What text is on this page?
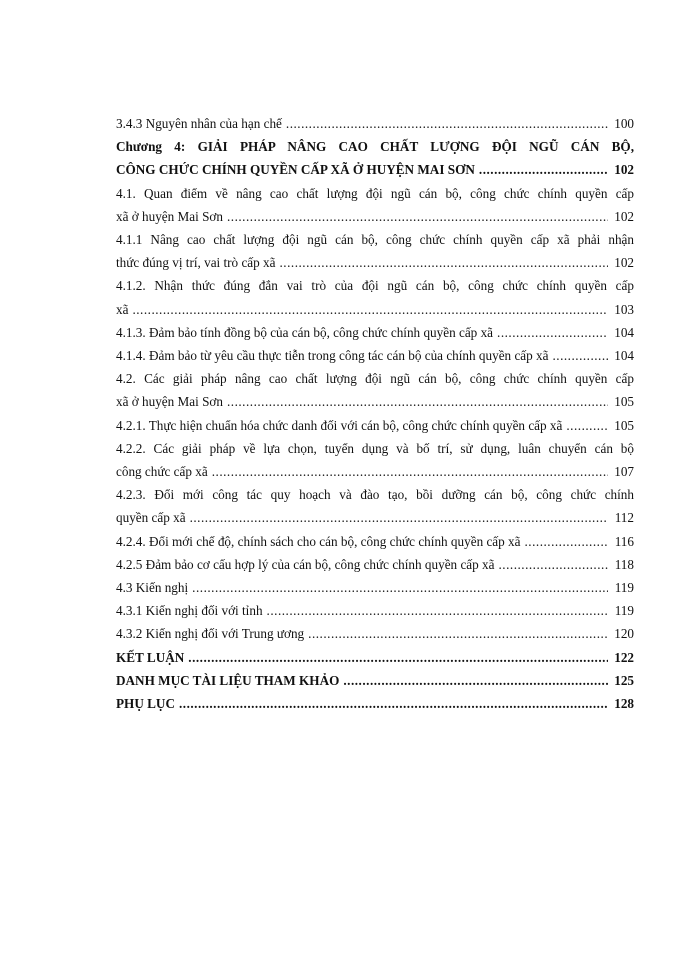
3.4.3 Nguyên nhân của hạn chế .....	100
Chương 4: GIẢI PHÁP NÂNG CAO CHẤT LƯỢNG ĐỘI NGŨ CÁN BỘ,
CÔNG CHỨC CHÍNH QUYỀN CẤP XÃ Ở HUYỆN MAI SƠN .....	102
4.1. Quan điểm về nâng cao chất lượng đội ngũ cán bộ, công chức chính quyền cấp
xã ở huyện Mai Sơn .....	102
4.1.1 Nâng cao chất lượng đội ngũ cán bộ, công chức chính quyền cấp xã phải nhận
thức đúng vị trí, vai trò cấp xã .....	102
4.1.2. Nhận thức đúng đắn vai trò của đội ngũ cán bộ, công chức chính quyền cấp
xã .....	103
4.1.3. Đảm bảo tính đồng bộ của cán bộ, công chức chính quyền cấp xã .....	104
4.1.4. Đảm bảo từ yêu cầu thực tiễn trong công tác cán bộ của chính quyền cấp xã .....	104
4.2. Các giải pháp nâng cao chất lượng đội ngũ cán bộ, công chức chính quyền cấp
xã ở huyện Mai Sơn .....	105
4.2.1. Thực hiện chuẩn hóa chức danh đối với cán bộ, công chức chính quyền cấp xã .....	105
4.2.2. Các giải pháp về lựa chọn, tuyển dụng và bố trí, sử dụng, luân chuyển cán bộ
công chức cấp xã .....	107
4.2.3. Đổi mới công tác quy hoạch và đào tạo, bồi dưỡng cán bộ, công chức chính
quyền cấp xã .....	112
4.2.4. Đổi mới chế độ, chính sách cho cán bộ, công chức chính quyền cấp xã .....	116
4.2.5 Đảm bảo cơ cấu hợp lý của cán bộ, công chức chính quyền cấp xã .....	118
4.3 Kiến nghị .....	119
4.3.1 Kiến nghị đối với tỉnh .....	119
4.3.2 Kiến nghị đối với Trung ương .....	120
KẾT LUẬN .....	122
DANH MỤC TÀI LIỆU THAM KHẢO .....	125
PHỤ LỤC .....	128
